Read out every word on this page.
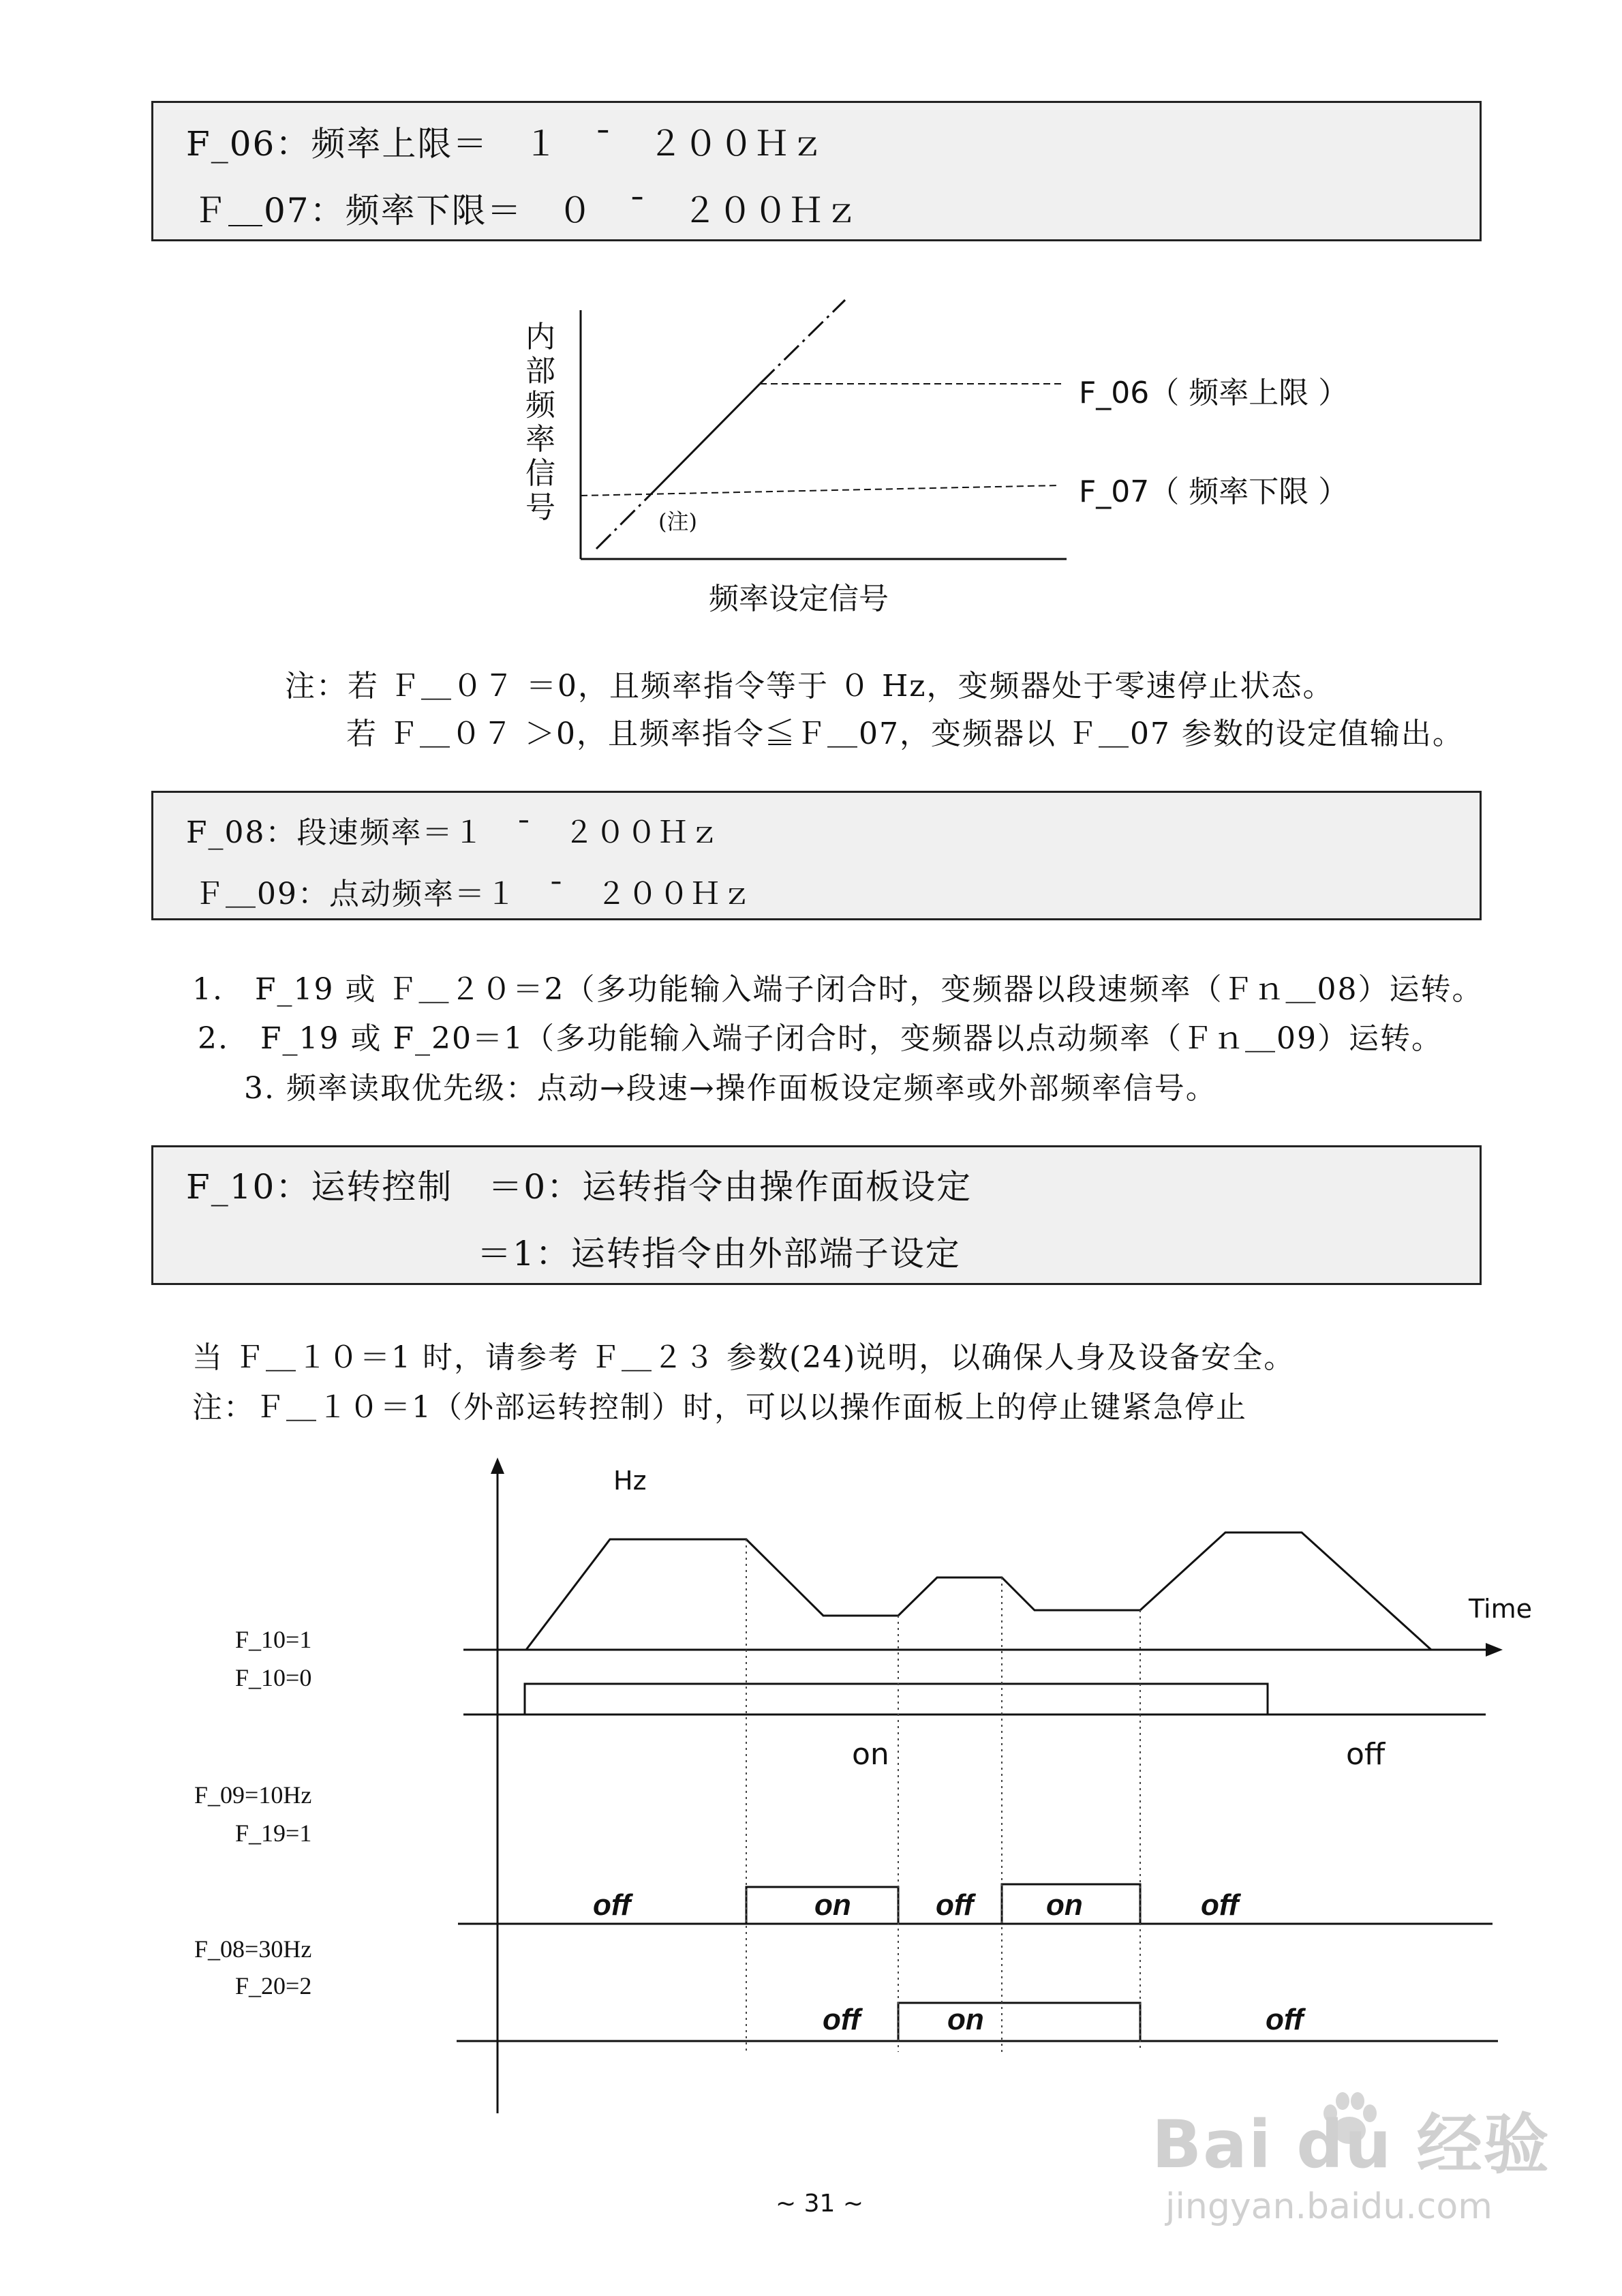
F_06：频率上限＝　１　¯　２００Ｈｚ
Ｆ＿07：频率下限＝　０　¯　２００Ｈｚ
内
部
频
率
信
号
F_06（ 频率上限 ）
F_07（ 频率下限 ）
(注)
频率设定信号
注：若 Ｆ＿０７ ＝0，且频率指令等于 ０ Hz，变频器处于零速停止状态。
若 Ｆ＿０７ ＞0，且频率指令≦Ｆ＿07，变频器以 Ｆ＿07 参数的设定值输出。
F_08：段速频率＝１　¯　２００Ｈｚ
Ｆ＿09：点动频率＝１　¯　２００Ｈｚ
1.　F_19 或 Ｆ＿２０＝2（多功能输入端子闭合时，变频器以段速频率（Ｆｎ＿08）运转。
2.　F_19 或 F_20＝1（多功能输入端子闭合时，变频器以点动频率（Ｆｎ＿09）运转。
3. 频率读取优先级：点动→段速→操作面板设定频率或外部频率信号。
F_10：运转控制　＝0：运转指令由操作面板设定
＝1：运转指令由外部端子设定
当 Ｆ＿１０＝1 时，请参考 Ｆ＿２３ 参数(24)说明，以确保人身及设备安全。
注：Ｆ＿１０＝1（外部运转控制）时，可以以操作面板上的停止键紧急停止
Hz
Time
F_10=1
F_10=0
on	off
F_09=10Hz
F_19=1
off	on	off on	off
F_08=30Hz
F_20=2
off	on	off
~ 31 ~
Bai du 经验
jingyan.baidu.com
